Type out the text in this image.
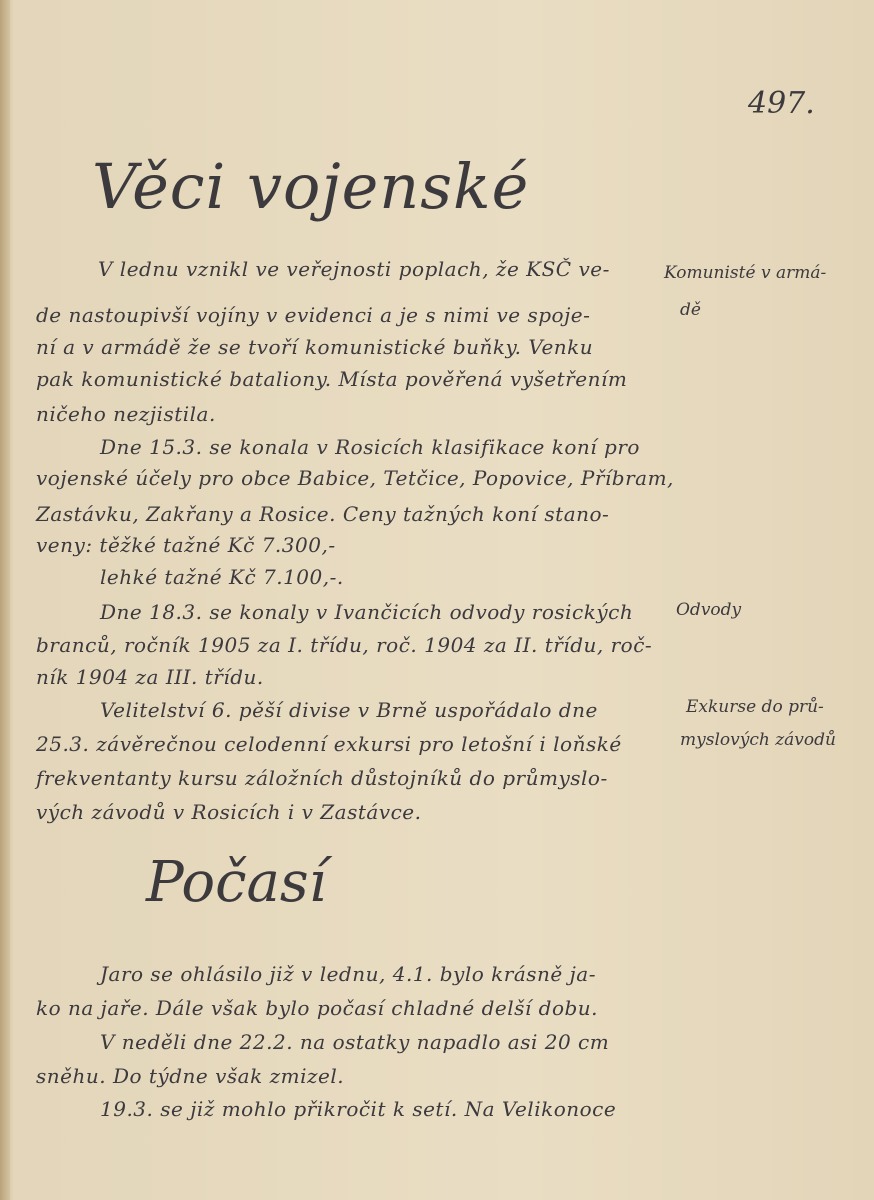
497.
Věci vojenské
V lednu vznikl ve veřejnosti poplach, že KSČ ve-
de nastoupivší vojíny v evidenci a je s nimi ve spoje-
ní a v armádě že se tvoří komunistické buňky. Venku
pak komunistické bataliony. Místa pověřená vyšetřením
ničeho nezjistila.
Dne 15.3. se konala v Rosicích klasifikace koní pro
vojenské účely pro obce Babice, Tetčice, Popovice, Příbram,
Zastávku, Zakřany a Rosice. Ceny tažných koní stano-
veny: těžké tažné Kč 7.300,-
lehké tažné Kč 7.100,-.
Dne 18.3. se konaly v Ivančicích odvody rosických
branců, ročník 1905 za I. třídu, roč. 1904 za II. třídu, roč-
ník 1904 za III. třídu.
Velitelství 6. pěší divise v Brně uspořádalo dne
25.3. závěrečnou celodenní exkursi pro letošní i loňské
frekventanty kursu záložních důstojníků do průmyslo-
vých závodů v Rosicích i v Zastávce.
Komunisté v armá-
dě
Odvody
Exkurse do prů-
myslových závodů
Počasí
Jaro se ohlásilo již v lednu, 4.1. bylo krásně ja-
ko na jaře. Dále však bylo počasí chladné delší dobu.
V neděli dne 22.2. na ostatky napadlo asi 20 cm
sněhu. Do týdne však zmizel.
19.3. se již mohlo přikročit k setí. Na Velikonoce
